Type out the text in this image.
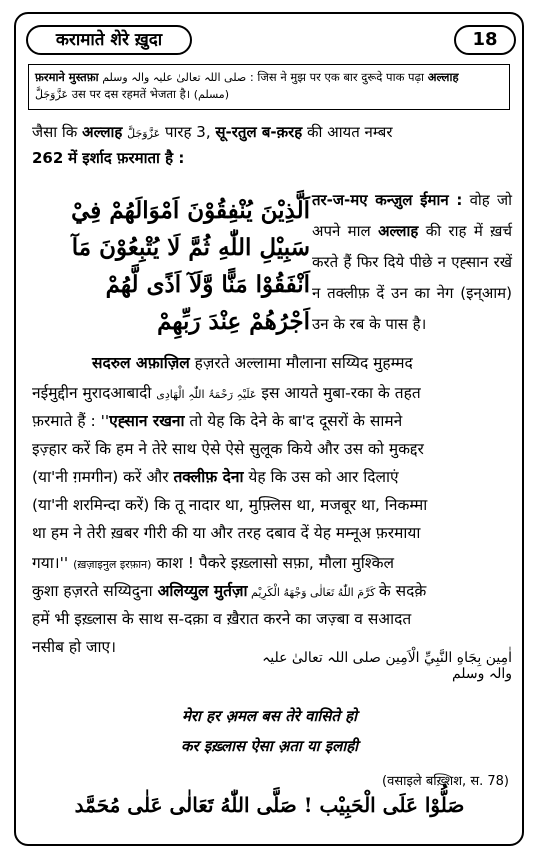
करामाते शेरे ख़ुदा	18
फ़रमाने मुस्तफ़ा صلی اللہ تعالیٰ علیہ والہ وسلم : जिस ने मुझ पर एक बार दुरूदे पाक पढ़ा अल्लाह
عَزَّوَجَلَّ उस पर दस रहमतें भेजता है। (مسلم)
जैसा कि अल्लाह عَزَّوَجَلَّ पारह 3, सू-रतुल ब-क़रह की आयत नम्बर
262 में इर्शाद फ़रमाता है :
اَلَّذِيْنَ يُنْفِقُوْنَ اَمْوَالَهُمْ فِيْ
سَبِيْلِ اللّٰهِ ثُمَّ لَا يُتْبِعُوْنَ مَآ
اَنْفَقُوْا مَنًّا وَّلَآ اَذًى لَّهُمْ
اَجْرُهُمْ عِنْدَ رَبِّهِمْ
तर-ज-मए कन्ज़ुल ईमान : वोह जो अपने माल अल्लाह की राह में ख़र्च करते हैं फिर दिये पीछे न एह्सान रखें न तक्लीफ़ दें उन का नेग (इन्आम) उन के रब के पास है।
सदरुल अफ़ाज़िल हज़रते अल्लामा मौलाना सय्यिद मुहम्मद
नईमुद्दीन मुरादआबादी عَلَیْہِ رَحْمَۃُ اللّٰہِ الْھَادِی इस आयते मुबा-रका के तहत
फ़रमाते हैं : ''एह्सान रखना तो येह कि देने के बा'द दूसरों के सामने
इज़्हार करें कि हम ने तेरे साथ ऐसे ऐसे सुलूक किये और उस को मुकद्दर
(या'नी ग़मगीन) करें और तक्लीफ़ देना येह कि उस को आर दिलाएं
(या'नी शरमिन्दा करें) कि तू नादार था, मुफ़्लिस था, मजबूर था, निकम्मा
था हम ने तेरी ख़बर गीरी की या और तरह दबाव दें येह मम्नूअ फ़रमाया
गया।'' (ख़ज़ाइनुल इरफ़ान) काश ! पैकरे इख़्लासो सफ़ा, मौला मुश्किल
कुशा हज़रते सय्यिदुना अलिय्युल मुर्तज़ा كَرَّمَ اللّٰهُ تَعَالٰى وَجْهَهُ الْكَرِيْم के सदक़े
हमें भी इख़्लास के साथ स-दक़ा व ख़ैरात करने का जज़्बा व सआदत
नसीब हो जाए।
اٰمِين بِجَاهِ النَّبِيِّ الْاَمِين صلی اللہ تعالیٰ علیہ والہ وسلم
मेरा हर अ़मल बस तेरे वासिते हो
कर इख़्लास ऐसा अ़ता या इलाही
(वसाइले बख़्शिश, स. 78)
صَلُّوْا عَلَى الْحَبِيْب ! صَلَّى اللّٰهُ تَعَالٰى عَلٰى مُحَمَّد
